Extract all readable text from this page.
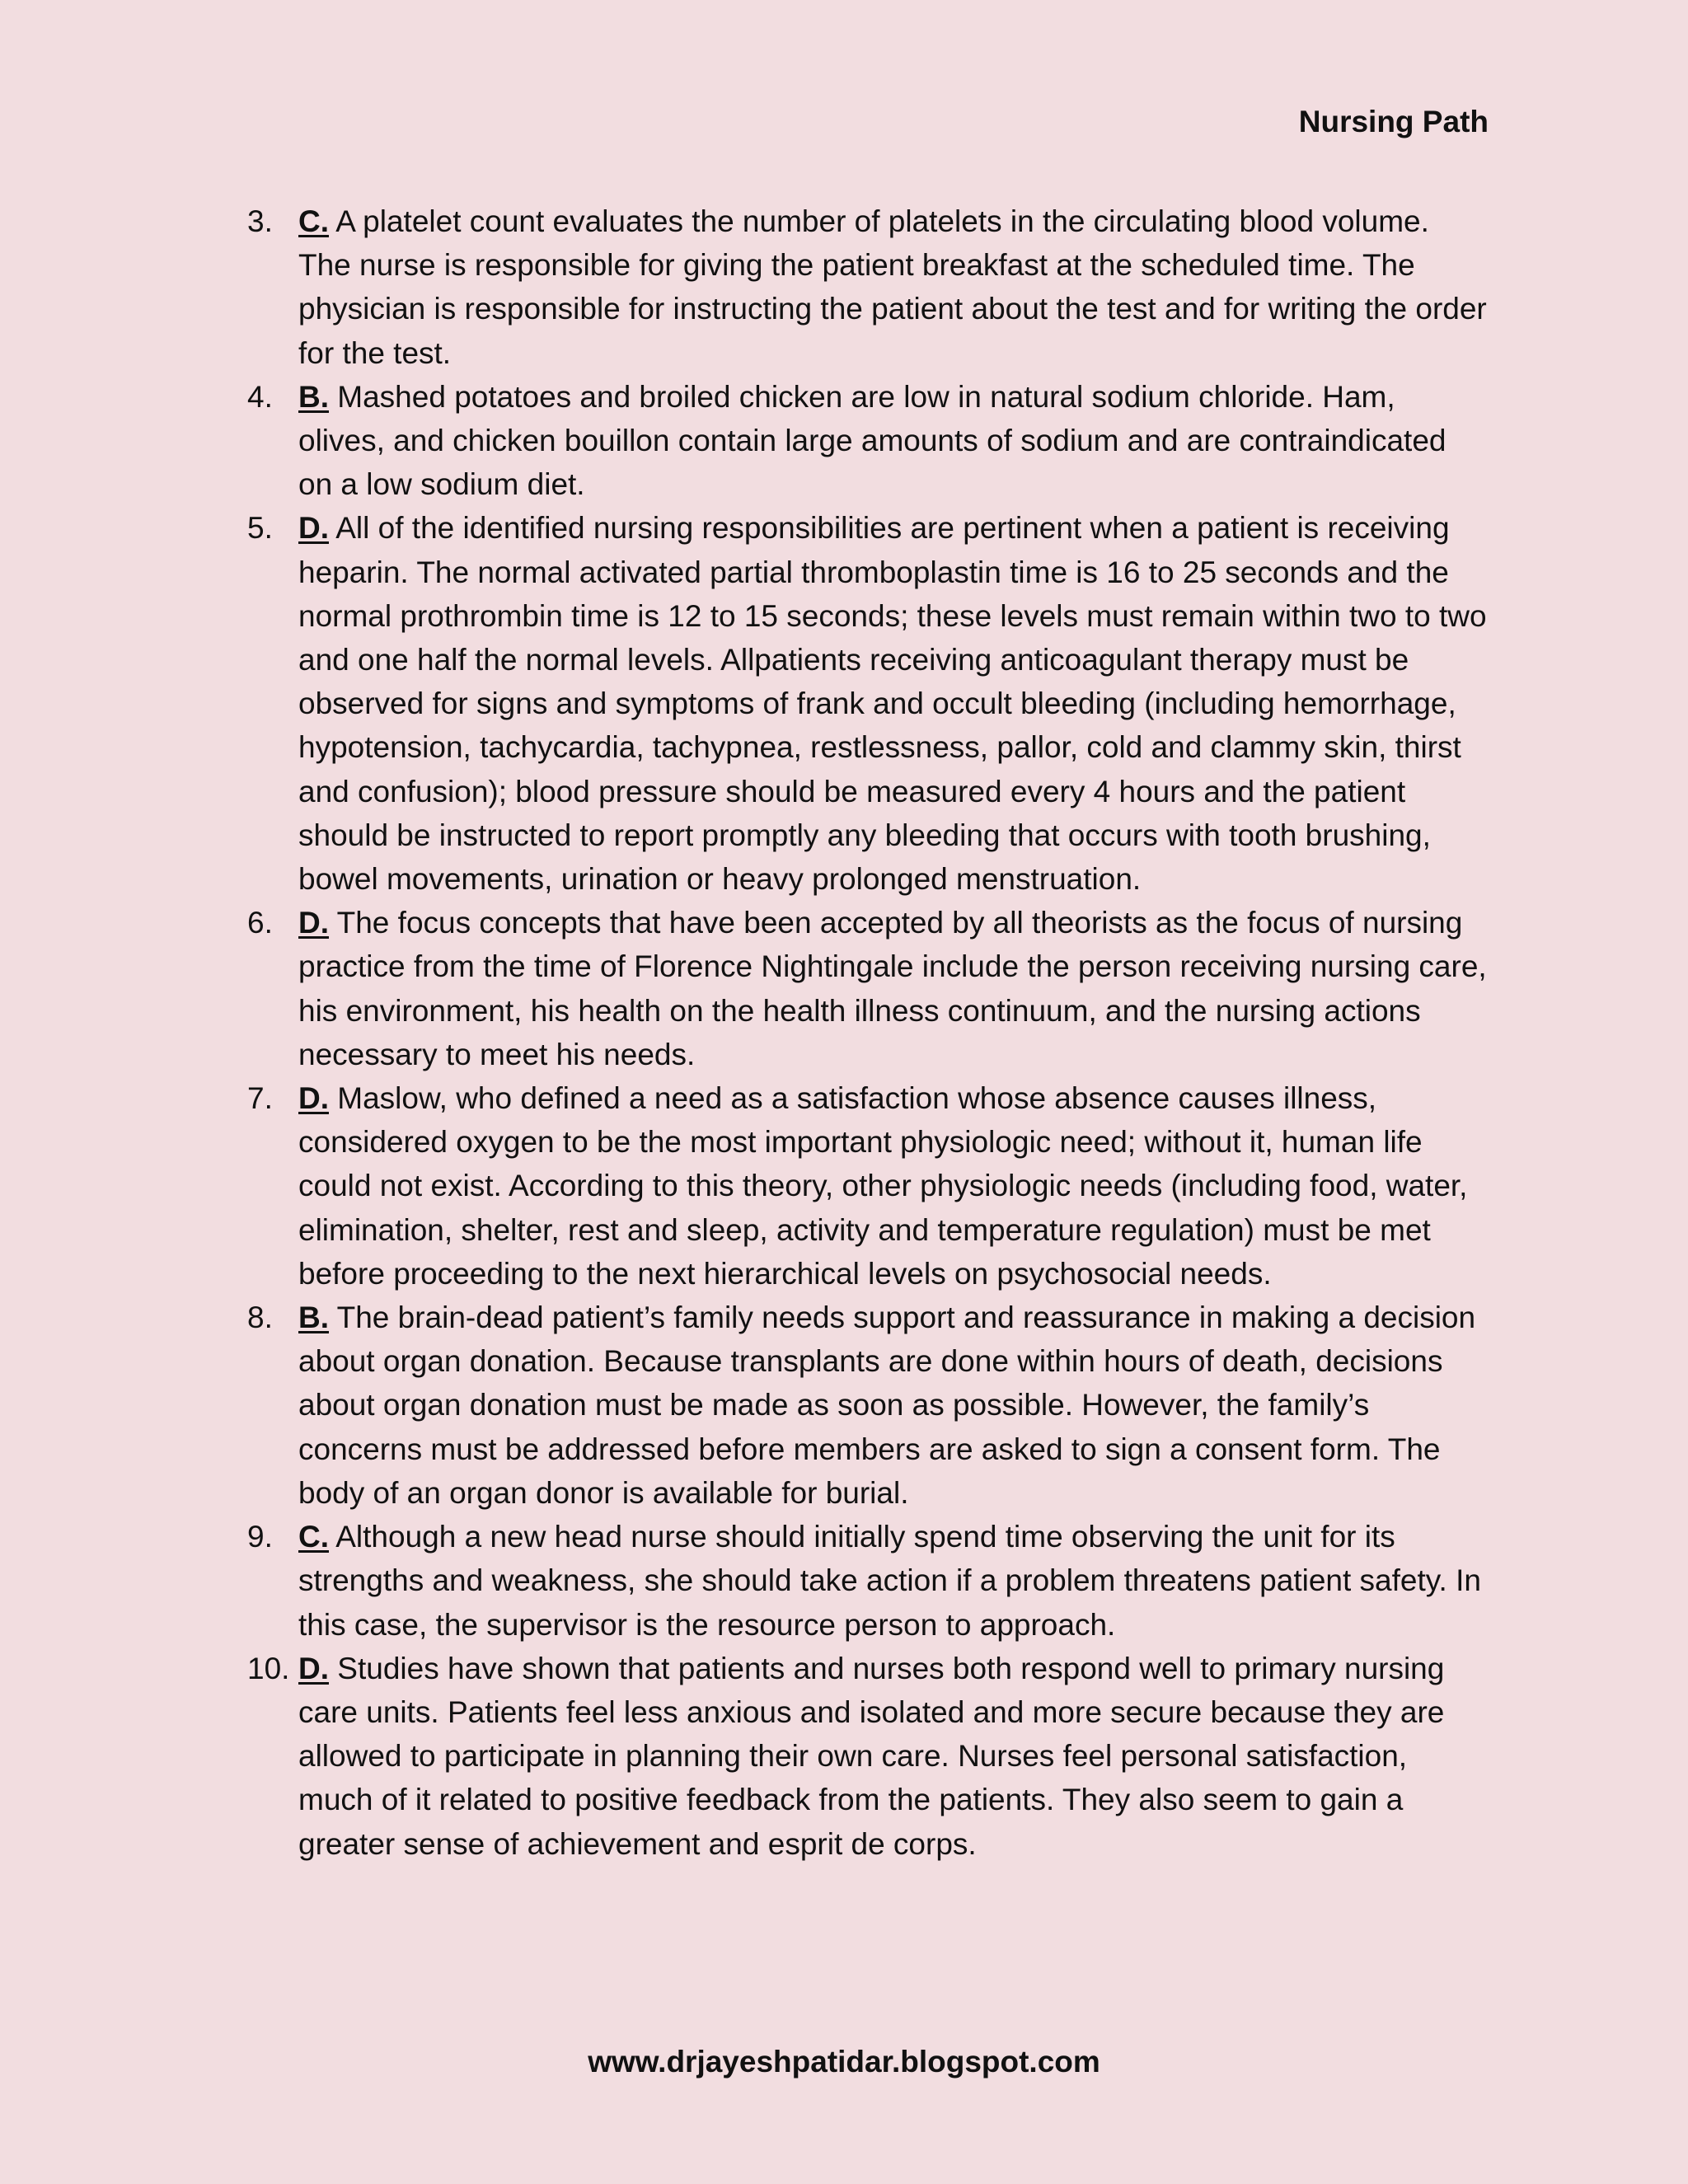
Nursing Path
3. C. A platelet count evaluates the number of platelets in the circulating blood volume. The nurse is responsible for giving the patient breakfast at the scheduled time. The physician is responsible for instructing the patient about the test and for writing the order for the test.
4. B. Mashed potatoes and broiled chicken are low in natural sodium chloride. Ham, olives, and chicken bouillon contain large amounts of sodium and are contraindicated on a low sodium diet.
5. D. All of the identified nursing responsibilities are pertinent when a patient is receiving heparin. The normal activated partial thromboplastin time is 16 to 25 seconds and the normal prothrombin time is 12 to 15 seconds; these levels must remain within two to two and one half the normal levels. Allpatients receiving anticoagulant therapy must be observed for signs and symptoms of frank and occult bleeding (including hemorrhage, hypotension, tachycardia, tachypnea, restlessness, pallor, cold and clammy skin, thirst and confusion); blood pressure should be measured every 4 hours and the patient should be instructed to report promptly any bleeding that occurs with tooth brushing, bowel movements, urination or heavy prolonged menstruation.
6. D. The focus concepts that have been accepted by all theorists as the focus of nursing practice from the time of Florence Nightingale include the person receiving nursing care, his environment, his health on the health illness continuum, and the nursing actions necessary to meet his needs.
7. D. Maslow, who defined a need as a satisfaction whose absence causes illness, considered oxygen to be the most important physiologic need; without it, human life could not exist. According to this theory, other physiologic needs (including food, water, elimination, shelter, rest and sleep, activity and temperature regulation) must be met before proceeding to the next hierarchical levels on psychosocial needs.
8. B. The brain-dead patient’s family needs support and reassurance in making a decision about organ donation. Because transplants are done within hours of death, decisions about organ donation must be made as soon as possible. However, the family’s concerns must be addressed before members are asked to sign a consent form. The body of an organ donor is available for burial.
9. C. Although a new head nurse should initially spend time observing the unit for its strengths and weakness, she should take action if a problem threatens patient safety. In this case, the supervisor is the resource person to approach.
10. D. Studies have shown that patients and nurses both respond well to primary nursing care units. Patients feel less anxious and isolated and more secure because they are allowed to participate in planning their own care. Nurses feel personal satisfaction, much of it related to positive feedback from the patients. They also seem to gain a greater sense of achievement and esprit de corps.
www.drjayeshpatidar.blogspot.com
